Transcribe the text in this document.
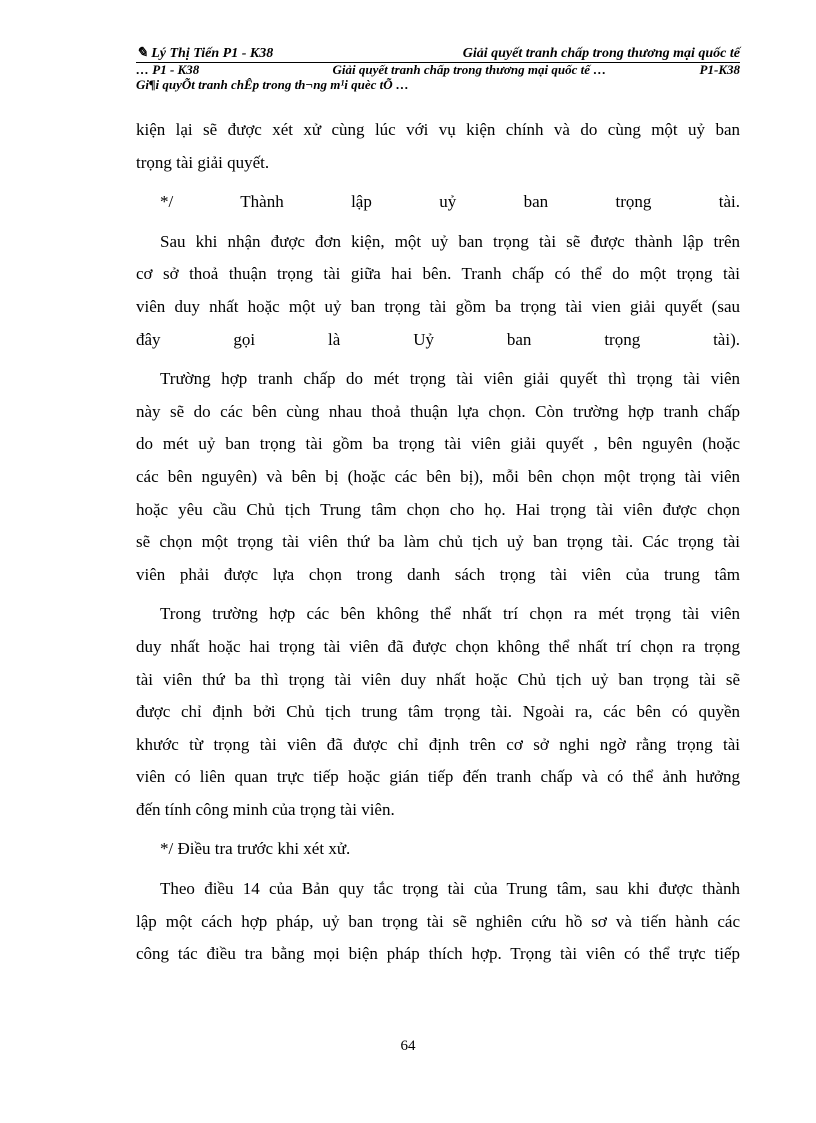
✎ Lý Thị Tiến P1 - K38	Giải quyết tranh chấp trong thương mại quốc tế
… P1 - K38	Giải quyết tranh chấp trong thương mại quốc tế …	P1-K38
Gi¶i quyÕt tranh chÊp trong th¬ng m¹i quèc tÕ …
kiện lại sẽ được xét xử cùng lúc với vụ kiện chính và do cùng một uỷ ban
trọng tài giải quyết.
*/ Thành lập uỷ ban trọng tài.
Sau khi nhận được đơn kiện, một uỷ ban trọng tài sẽ được thành lập trên
cơ sở thoả thuận trọng tài giữa hai bên. Tranh chấp có thể do một trọng tài
viên duy nhất hoặc một uỷ ban trọng tài gồm ba trọng tài vien giải quyết (sau
đây gọi là Uỷ ban trọng tài).
Trường hợp tranh chấp do mét trọng tài viên giải quyết thì trọng tài viên
này sẽ do các bên cùng nhau thoả thuận lựa chọn. Còn trường hợp tranh chấp
do mét uỷ ban trọng tài gồm ba trọng tài viên giải quyết , bên nguyên (hoặc
các bên nguyên) và bên bị (hoặc các bên bị), mỗi bên chọn một trọng tài viên
hoặc yêu cầu Chủ tịch Trung tâm chọn cho họ. Hai trọng tài viên được chọn
sẽ chọn một trọng tài viên thứ ba làm chủ tịch uỷ ban trọng tài. Các trọng tài
viên phải được lựa chọn trong danh sách trọng tài viên của trung tâm
Trong trường hợp các bên không thể nhất trí chọn ra mét trọng tài viên
duy nhất hoặc hai trọng tài viên đã được chọn không thể nhất trí chọn ra trọng
tài viên thứ ba thì trọng tài viên duy nhất hoặc Chủ tịch uỷ ban trọng tài sẽ
được chỉ định bởi Chủ tịch trung tâm trọng tài. Ngoài ra, các bên có quyền
khước từ trọng tài viên đã được chỉ định trên cơ sở nghi ngờ rằng trọng tài
viên có liên quan trực tiếp hoặc gián tiếp đến tranh chấp và có thể ảnh hưởng
đến tính công minh của trọng tài viên.
*/ Điều tra trước khi xét xử.
Theo điều 14 của Bản quy tắc trọng tài của Trung tâm, sau khi được thành
lập một cách hợp pháp, uỷ ban trọng tài sẽ nghiên cứu hồ sơ và tiến hành các
công tác điều tra bằng mọi biện pháp thích hợp. Trọng tài viên có thể trực tiếp
64
